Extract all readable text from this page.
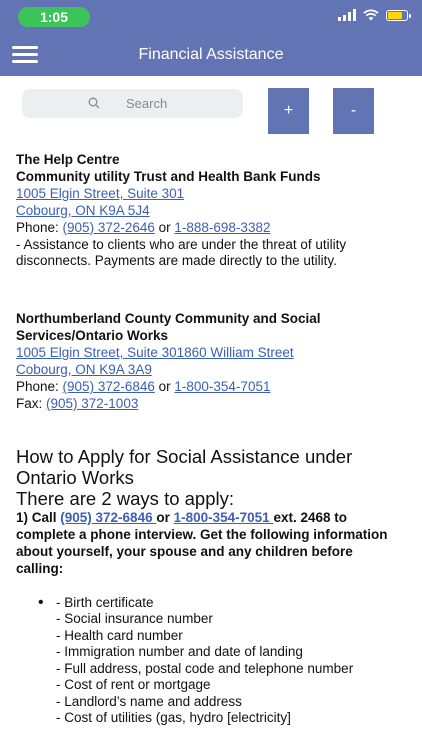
1:05
Financial Assistance
Search
+	-

The Help Centre

Community utility Trust and Health Bank Funds

1005 Elgin Street, Suite 301

Cobourg, ON K9A 5J4

Phone: (905) 372-2646 or 1-888-698-3382

- Assistance to clients who are under the threat of utility disconnects. Payments are made directly to the utility.

Northumberland County Community and Social Services/Ontario Works

1005 Elgin Street, Suite 301860 William Street

Cobourg, ON K9A 3A9

Phone: (905) 372-6846 or 1-800-354-7051

Fax: (905) 372-1003

How to Apply for Social Assistance under Ontario Works
There are 2 ways to apply:

1) Call (905) 372-6846 or 1-800-354-7051 ext. 2468 to complete a phone interview. Get the following information about yourself, your spouse and any children before calling:

• - Birth certificate
- Social insurance number
- Health card number
- Immigration number and date of landing
- Full address, postal code and telephone number
- Cost of rent or mortgage
- Landlord’s name and address
- Cost of utilities (gas, hydro [electricity]
